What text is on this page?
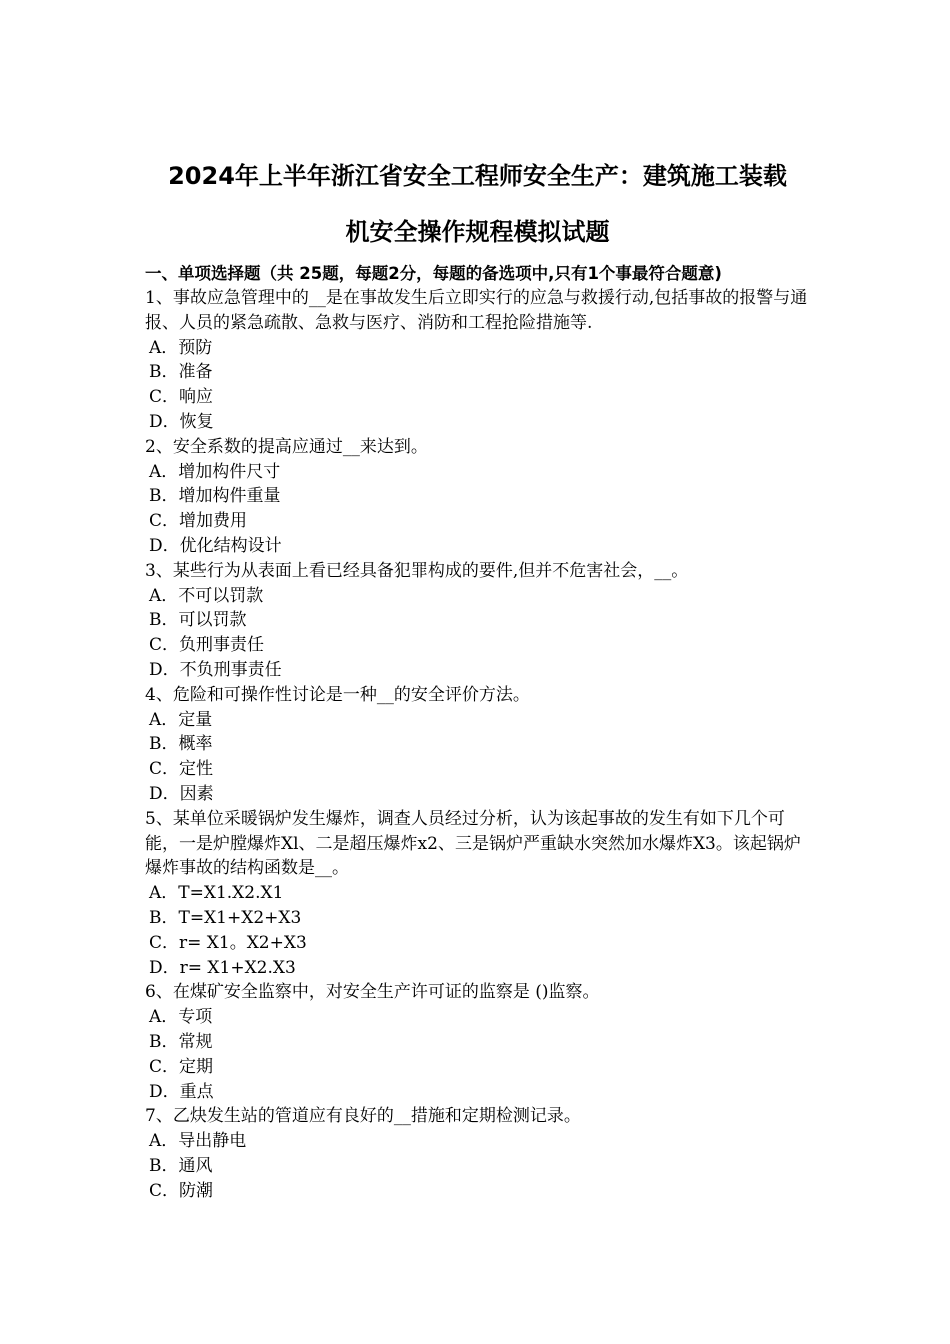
2024年上半年浙江省安全工程师安全生产：建筑施工装载
机安全操作规程模拟试题
一、单项选择题（共 25题，每题2分，每题的备选项中,只有1个事最符合题意)
1、事故应急管理中的__是在事故发生后立即实行的应急与救援行动,包括事故的报警与通报、人员的紧急疏散、急救与医疗、消防和工程抢险措施等.
A．预防
B．准备
C．响应
D．恢复
2、安全系数的提高应通过__来达到。
A．增加构件尺寸
B．增加构件重量
C．增加费用
D．优化结构设计
3、某些行为从表面上看已经具备犯罪构成的要件,但并不危害社会，__。
A．不可以罚款
B．可以罚款
C．负刑事责任
D．不负刑事责任
4、危险和可操作性讨论是一种__的安全评价方法。
A．定量
B．概率
C．定性
D．因素
5、某单位采暖锅炉发生爆炸，调查人员经过分析，认为该起事故的发生有如下几个可能，一是炉膛爆炸Xl、二是超压爆炸x2、三是锅炉严重缺水突然加水爆炸X3。该起锅炉爆炸事故的结构函数是__。
A．T=X1.X2.X1
B．T=X1+X2+X3
C．r= X1。X2+X3
D．r= X1+X2.X3
6、在煤矿安全监察中，对安全生产许可证的监察是 ()监察。
A．专项
B．常规
C．定期
D．重点
7、乙炔发生站的管道应有良好的__措施和定期检测记录。
A．导出静电
B．通风
C．防潮
